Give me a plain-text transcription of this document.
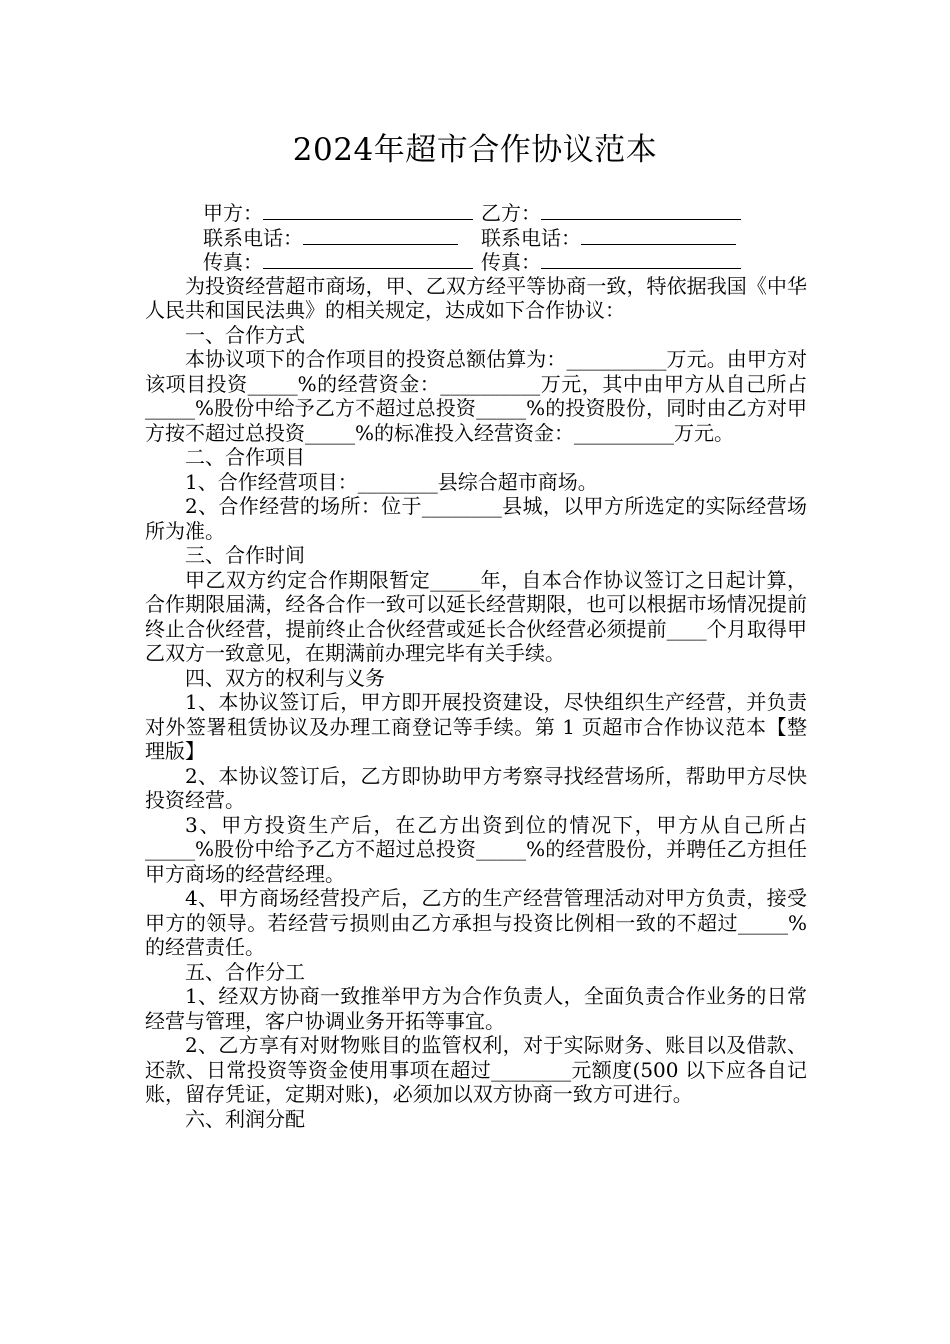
2024年超市合作协议范本
甲方：	乙方：
联系电话：	联系电话：
传真：	传真：

为投资经营超市商场，甲、乙双方经平等协商一致，特依据我国《中华人民共和国民法典》的相关规定，达成如下合作协议：

一、合作方式

本协议项下的合作项目的投资总额估算为：__________万元。由甲方对该项目投资_____%的经营资金：__________万元，其中由甲方从自己所占_____%股份中给予乙方不超过总投资_____%的投资股份，同时由乙方对甲方按不超过总投资_____%的标准投入经营资金：__________万元。

二、合作项目

1、合作经营项目：________县综合超市商场。

2、合作经营的场所：位于________县城，以甲方所选定的实际经营场所为准。

三、合作时间

甲乙双方约定合作期限暂定_____年，自本合作协议签订之日起计算，合作期限届满，经各合作一致可以延长经营期限，也可以根据市场情况提前终止合伙经营，提前终止合伙经营或延长合伙经营必须提前____个月取得甲乙双方一致意见，在期满前办理完毕有关手续。

四、双方的权利与义务

1、本协议签订后，甲方即开展投资建设，尽快组织生产经营，并负责对外签署租赁协议及办理工商登记等手续。第 1 页超市合作协议范本【整理版】

2、本协议签订后，乙方即协助甲方考察寻找经营场所，帮助甲方尽快投资经营。

3、甲方投资生产后，在乙方出资到位的情况下，甲方从自己所占_____%股份中给予乙方不超过总投资_____%的经营股份，并聘任乙方担任甲方商场的经营经理。

4、甲方商场经营投产后，乙方的生产经营管理活动对甲方负责，接受甲方的领导。若经营亏损则由乙方承担与投资比例相一致的不超过_____%的经营责任。

五、合作分工

1、经双方协商一致推举甲方为合作负责人，全面负责合作业务的日常经营与管理，客户协调业务开拓等事宜。

2、乙方享有对财物账目的监管权利，对于实际财务、账目以及借款、还款、日常投资等资金使用事项在超过________元额度(500 以下应各自记账，留存凭证，定期对账)，必须加以双方协商一致方可进行。

六、利润分配
